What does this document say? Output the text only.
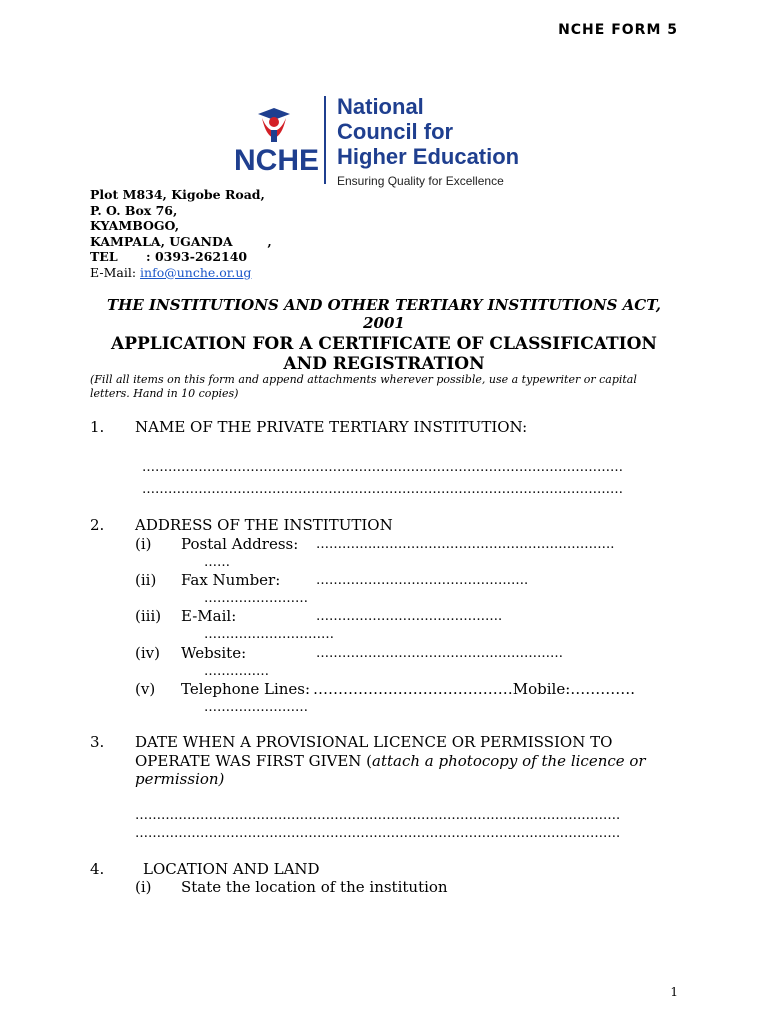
NCHE FORM 5
NCHE
National
Council for
Higher Education
Ensuring Quality for Excellence
Plot M834, Kigobe Road,
P. O. Box 76,
KYAMBOGO,
KAMPALA, UGANDA        ,
TEL : 0393-262140
E-Mail: info@unche.or.ug
THE INSTITUTIONS AND OTHER TERTIARY INSTITUTIONS ACT, 2001
APPLICATION FOR A CERTIFICATE OF CLASSIFICATION AND REGISTRATION
(Fill all items on this form and append attachments wherever possible, use a typewriter or capital letters. Hand in 10 copies)
1. NAME OF THE PRIVATE TERTIARY INSTITUTION:
…………………………………………………………………………………………………
…………………………………………………………………………………………………
2. ADDRESS OF THE INSTITUTION
(i) Postal Address: …………..……………………………………………….
……
(ii) Fax Number:	………………………………………….
……………………
(iii) E-Mail:	…………………………………….
…………………………
(iv) Website:	…………………………………………………
……………
(v) Telephone Lines: …………….……………………Mobile:………….
……………………
3. DATE WHEN A PROVISIONAL LICENCE OR PERMISSION TO
OPERATE WAS FIRST GIVEN (attach a photocopy of the licence or
permission)
………………………………………………………………………………………………….
………………………………………………………………………………………………….
4.	LOCATION AND LAND
(i) State the location of the institution
1
